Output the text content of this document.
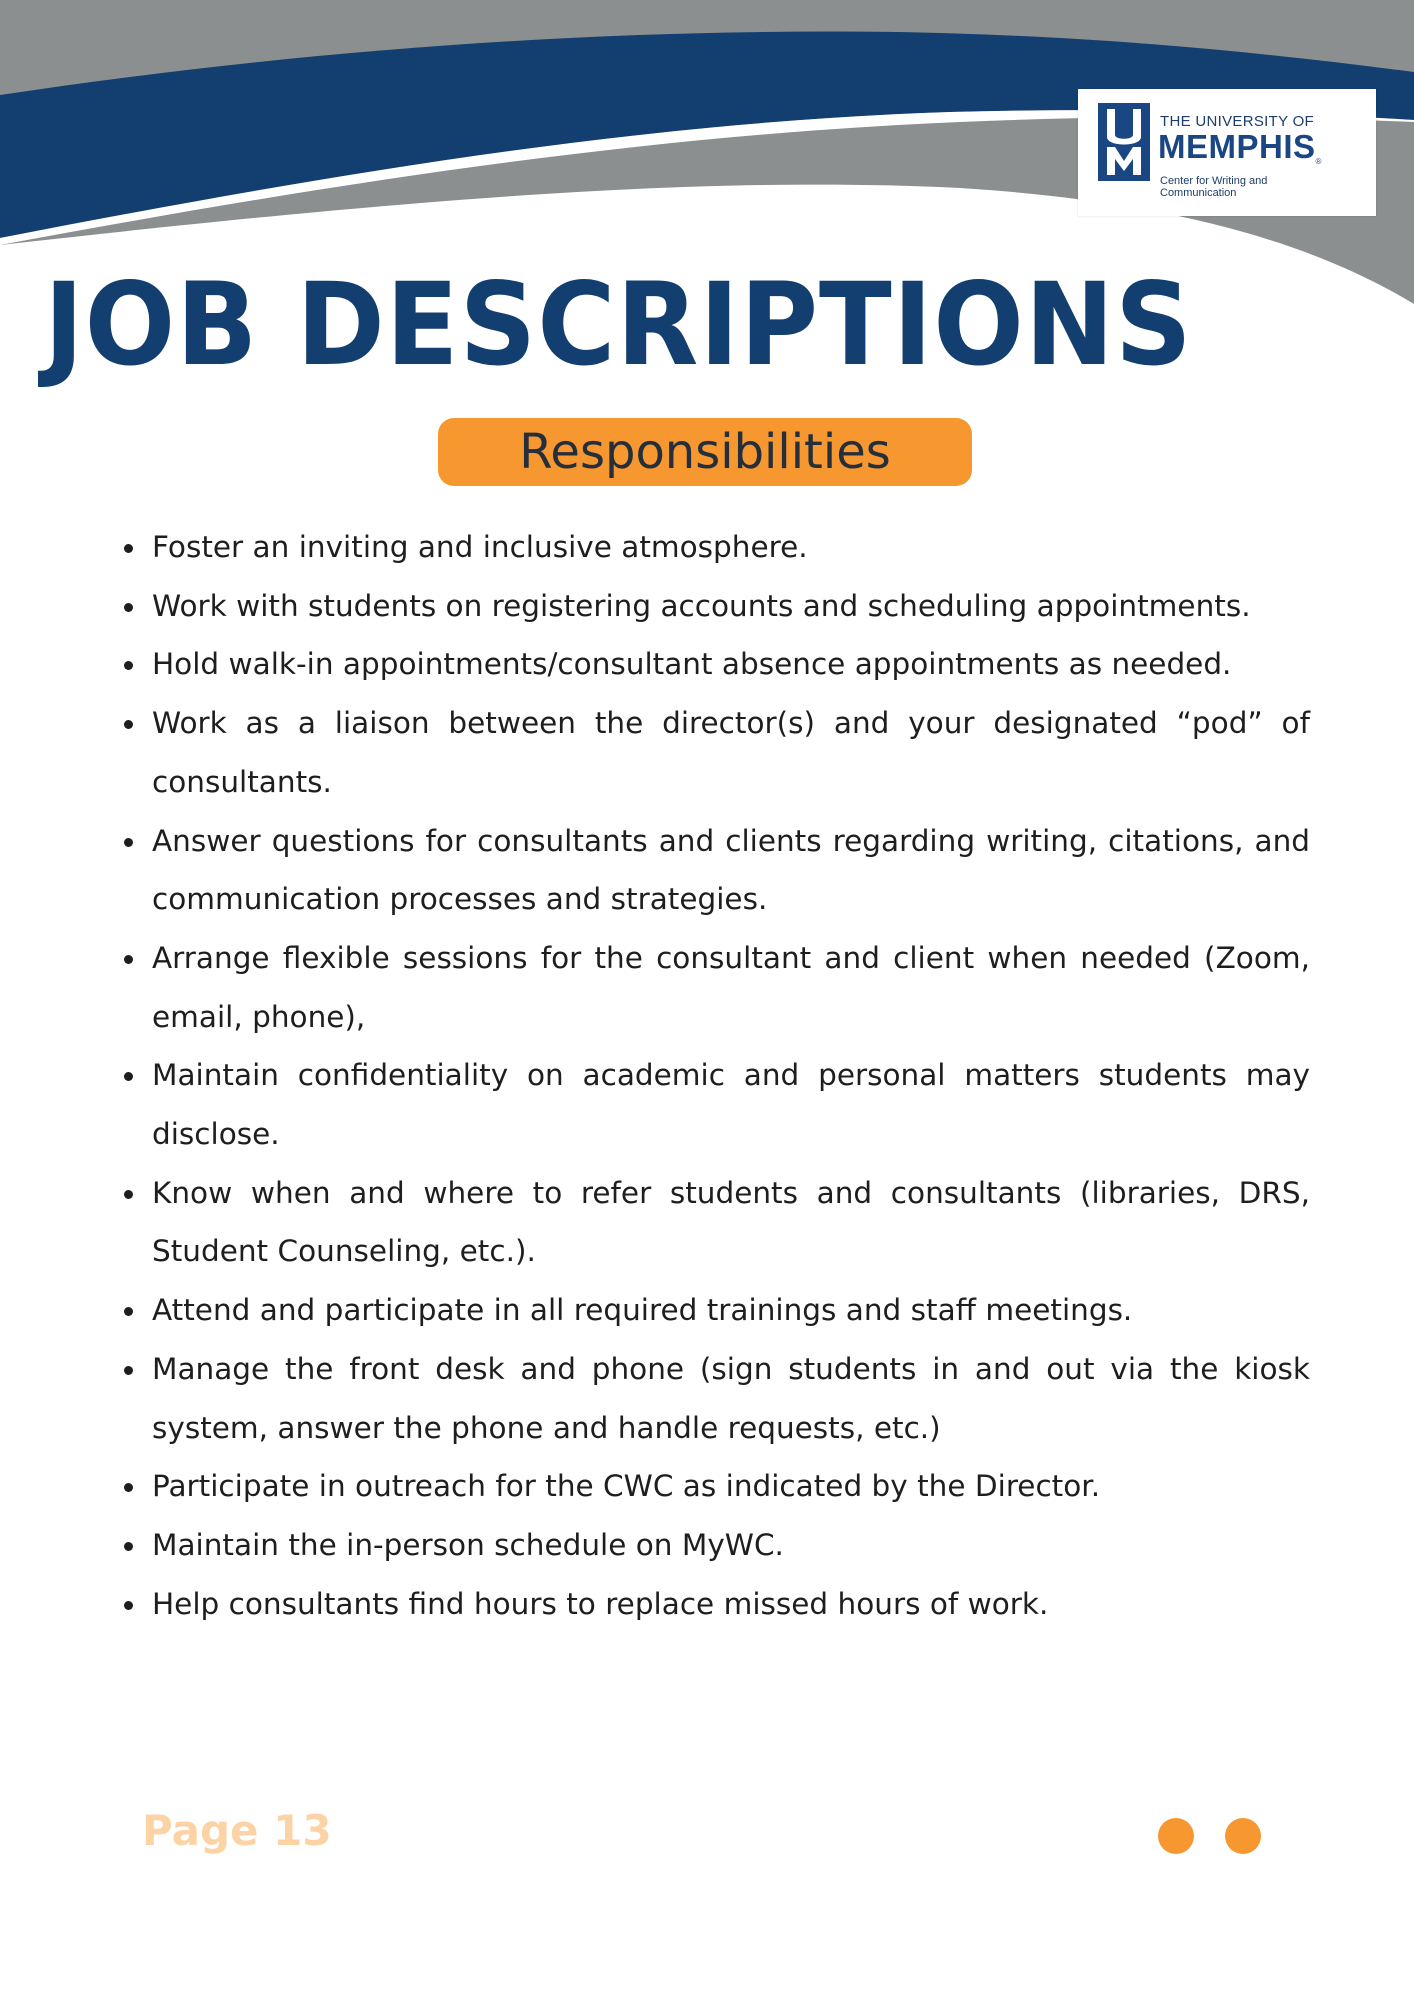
THE UNIVERSITY OF
MEMPHIS®
Center for Writing and Communication
JOB DESCRIPTIONS
Responsibilities
Foster an inviting and inclusive atmosphere.
Work with students on registering accounts and scheduling appointments.
Hold walk-in appointments/consultant absence appointments as needed.
Work as a liaison between the director(s) and your designated “pod” of consultants.
Answer questions for consultants and clients regarding writing, citations, and communication processes and strategies.
Arrange flexible sessions for the consultant and client when needed (Zoom, email, phone),
Maintain confidentiality on academic and personal matters students may disclose.
Know when and where to refer students and consultants (libraries, DRS, Student Counseling, etc.).
Attend and participate in all required trainings and staff meetings.
Manage the front desk and phone (sign students in and out via the kiosk system, answer the phone and handle requests, etc.)
Participate in outreach for the CWC as indicated by the Director.
Maintain the in-person schedule on MyWC.
Help consultants find hours to replace missed hours of work.
Page 13
